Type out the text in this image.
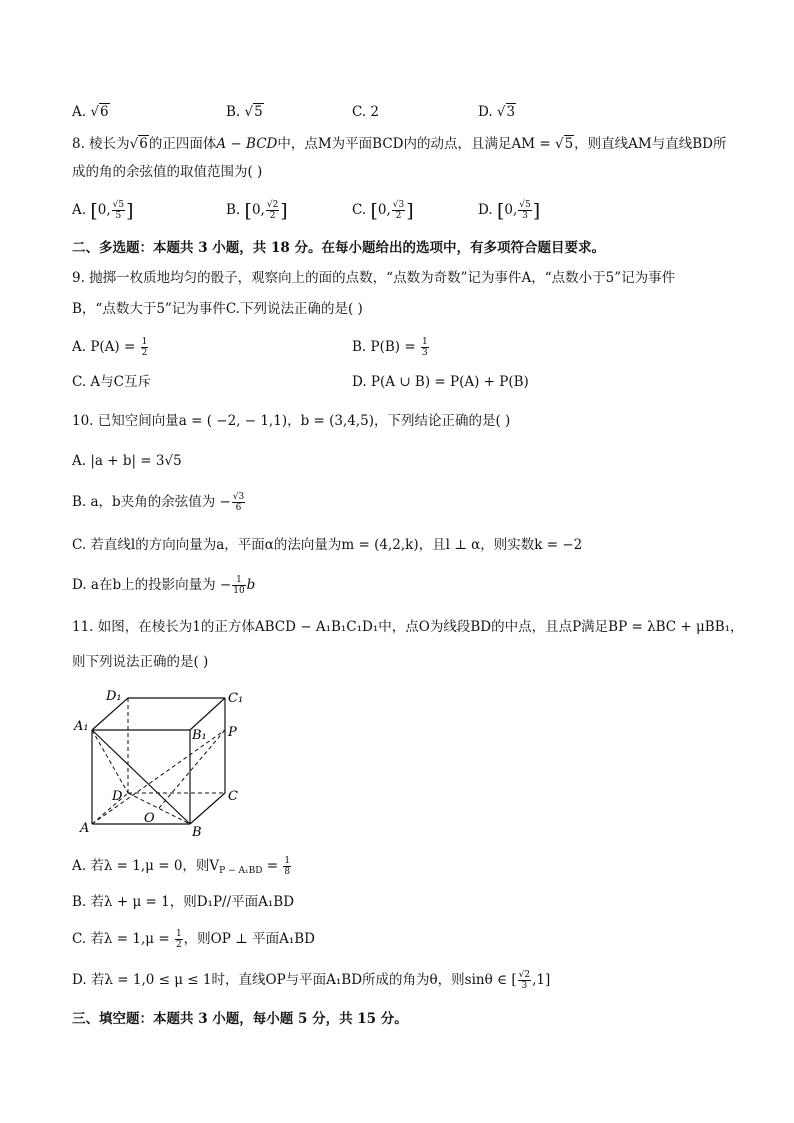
A. √6	B. √5	C. 2	D. √3
8. 棱长为√6的正四面体A − BCD中，点M为平面BCD内的动点，且满足AM = √5，则直线AM与直线BD所
成的角的余弦值的取值范围为( )
A. [0, $\frac{√5}{5}$ ]	B. [0, $\frac{√2}{2}$ ]	C. [0, $\frac{√3}{2}$ ]	D. [0, $\frac{√5}{3}$ ]
二、多选题：本题共 3 小题，共 18 分。在每小题给出的选项中，有多项符合题目要求。
9. 抛掷一枚质地均匀的骰子，观察向上的面的点数，“点数为奇数”记为事件A，“点数小于5”记为事件
B，“点数大于5”记为事件C.下列说法正确的是( )
A. $P(A) = \frac{1}{2}$	B. $P(B) = \frac{1}{3}$
C. A与C互斥	D. P(A ∪ B) = P(A) + P(B)
10. 已知空间向量a = ( −2, − 1,1)，b = (3,4,5)，下列结论正确的是( )
A. |a + b| = 3√5
B. a，b夹角的余弦值为 − $\frac{√3}{6}$
C. 若直线l的方向向量为a，平面α的法向量为m = (4,2,k)，且l ⊥ α，则实数k = −2
D. a在b上的投影向量为 − $\frac{1}{10}$ b
11. 如图，在棱长为1的正方体ABCD − A₁B₁C₁D₁中，点O为线段BD的中点，且点P满足BP = λBC + μBB₁，
则下列说法正确的是( )
D₁	C₁
A₁
B₁ P
D	C
O
A	B
A. 若λ = 1,μ = 0，则$V_{P - A_1BD} = \frac{1}{8}$
B. 若λ + μ = 1，则D₁P//平面A₁BD
C. 若$\lambda = 1,\mu = \frac{1}{2}$ ，则OP ⊥ 平面A₁BD
D. 若λ = 1,0 ≤ μ ≤ 1时，直线OP与平面A₁BD所成的角为θ，则sinθ ∈ [ $\frac{√2}{3} ,1$]
三、填空题：本题共 3 小题，每小题 5 分，共 15 分。
